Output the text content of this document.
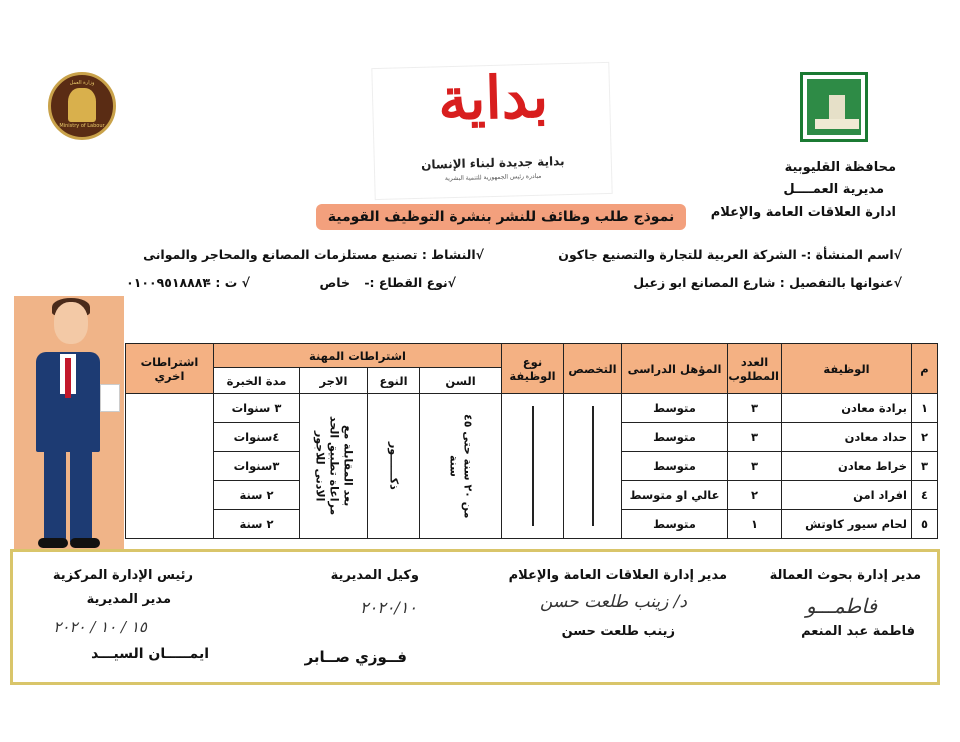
بداية
بداية جديدة لبناء الإنسان
مبادرة رئيس الجمهورية للتنمية البشرية
وزارة العمل
Ministry of Labour
محافظة القليوبية
مديرية العمــــل
ادارة العلاقات العامة والإعلام
نموذج طلب وظائف للنشر بنشرة التوظيف القومية
√اسم المنشأة :- الشركة العربية للتجارة والتصنيع جاكون
√النشاط : تصنيع مستلزمات المصانع والمحاجر والموانى
√عنوانها بالتفصيل : شارع المصانع ابو زعبل
√نوع القطاع :-
خاص
√ ت : -
٠١٠٠٩٥١٨٨٨٣
م	الوظيفة	العدد المطلوب	المؤهل الدراسى	التخصص	نوع الوظيفة	اشتراطات المهنة				اشتراطات اخري
						السن	النوع	الاجر	مدة الخبرة	
١	برادة معادن	٣	متوسط			من ٢٠ سنة حتى ٤٥ سنة	ذكــــــور	بعد المقابلة مع مراعاة تطبيق الحد الادنى للاجور	٣ سنوات	
٢	حداد معادن	٣	متوسط						٤سنوات	
٣	خراط معادن	٣	متوسط						٣سنوات	
٤	افراد امن	٢	عالي او متوسط						٢ سنة	
٥	لحام سيور كاوتش	١	متوسط						٢ سنة	
مدير إدارة بحوث العمالة
فاطمـــو
فاطمة عبد المنعم
مدير إدارة العلاقات العامة والإعلام
د/ زينب طلعت حسن
زينب طلعت حسن
وكيل المديرية
٢٠٢٠/١٠
فــوزي صــابر
رئيس الإدارة المركزية
مدير المديرية
١٥ / ١٠ / ٢٠٢٠
ايمـــــان السيـــد
